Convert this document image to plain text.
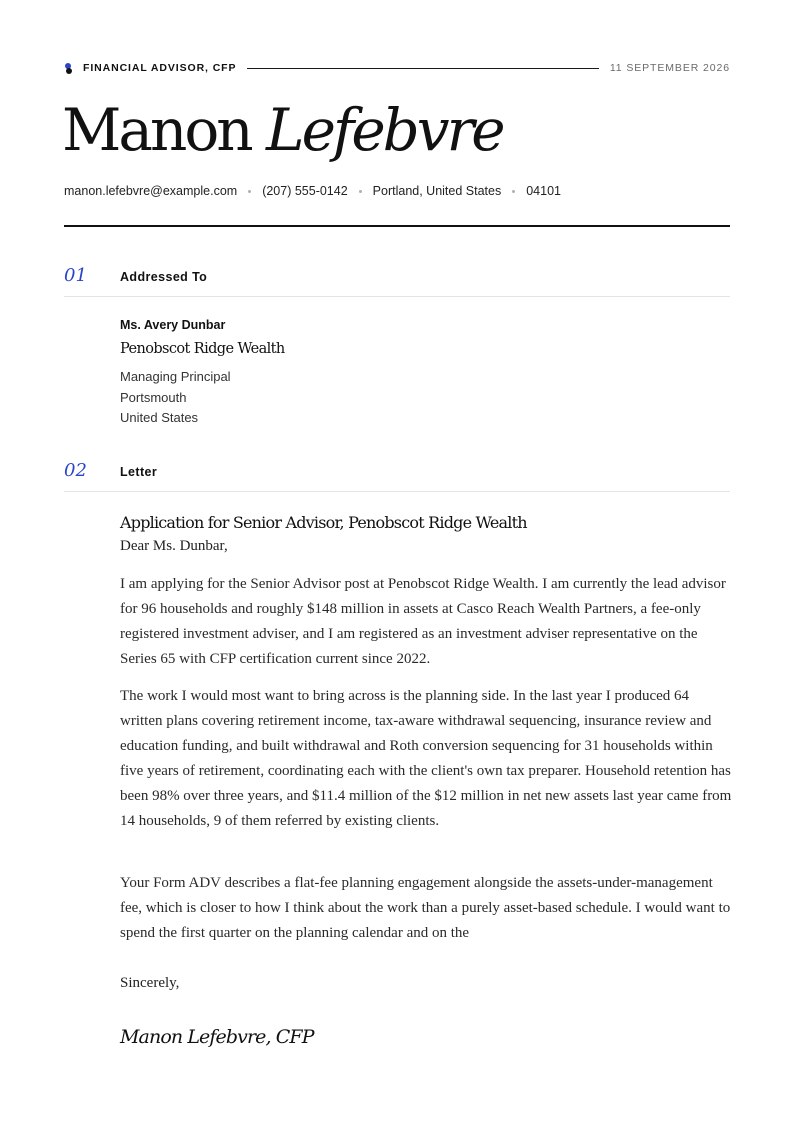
FINANCIAL ADVISOR, CFP	11 SEPTEMBER 2026
Manon Lefebvre
manon.lefebvre@example.com (207) 555-0142 Portland, United States 04101
01	Addressed To
Ms. Avery Dunbar
Penobscot Ridge Wealth
Managing Principal
Portsmouth
United States
02	Letter
Application for Senior Advisor, Penobscot Ridge Wealth
Dear Ms. Dunbar,

I am applying for the Senior Advisor post at Penobscot Ridge Wealth. I am currently the lead advisor for 96 households and roughly $148 million in assets at Casco Reach Wealth Partners, a fee-only registered investment adviser, and I am registered as an investment adviser representative on the Series 65 with CFP certification current since 2022.

The work I would most want to bring across is the planning side. In the last year I produced 64 written plans covering retirement income, tax-aware withdrawal sequencing, insurance review and education funding, and built withdrawal and Roth conversion sequencing for 31 households within five years of retirement, coordinating each with the client's own tax preparer. Household retention has been 98% over three years, and $11.4 million of the $12 million in net new assets last year came from 14 households, 9 of them referred by existing clients.

Your Form ADV describes a flat-fee planning engagement alongside the assets-under-management fee, which is closer to how I think about the work than a purely asset-based schedule. I would want to spend the first quarter on the planning calendar and on the

Sincerely,
Manon Lefebvre, CFP
